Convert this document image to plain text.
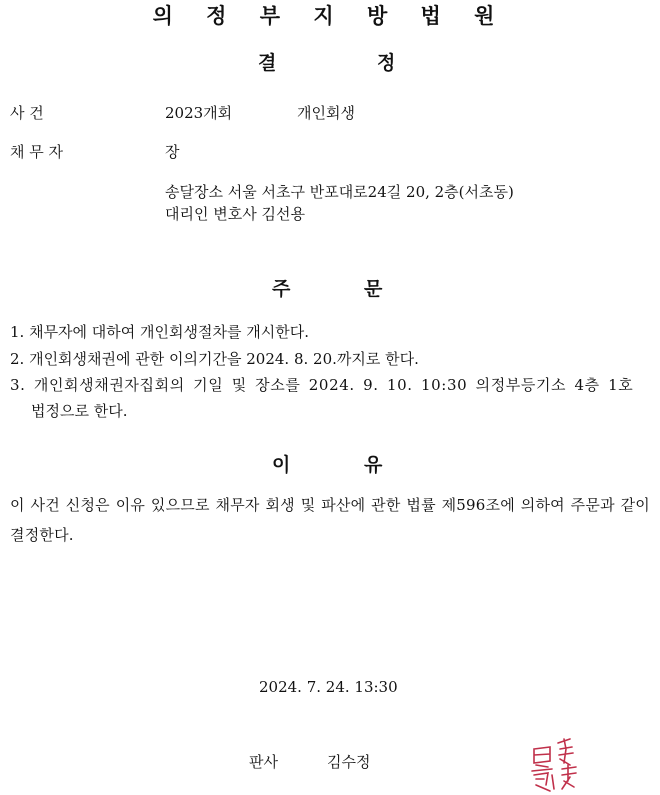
의 정 부 지 방 법 원
결	정
사 건	2023개회	개인회생
채 무 자	장
송달장소 서울 서초구 반포대로24길 20, 2층(서초동)
대리인 변호사 김선용
주	문
1. 채무자에 대하여 개인회생절차를 개시한다.
2. 개인회생채권에 관한 이의기간을 2024. 8. 20.까지로 한다.
3. 개인회생채권자집회의 기일 및 장소를 2024. 9. 10. 10:30 의정부등기소 4층 1호
법정으로 한다.
이	유
이 사건 신청은 이유 있으므로 채무자 회생 및 파산에 관한 법률 제596조에 의하여 주문과 같이 결정한다.
2024. 7. 24. 13:30
판사	김수정
